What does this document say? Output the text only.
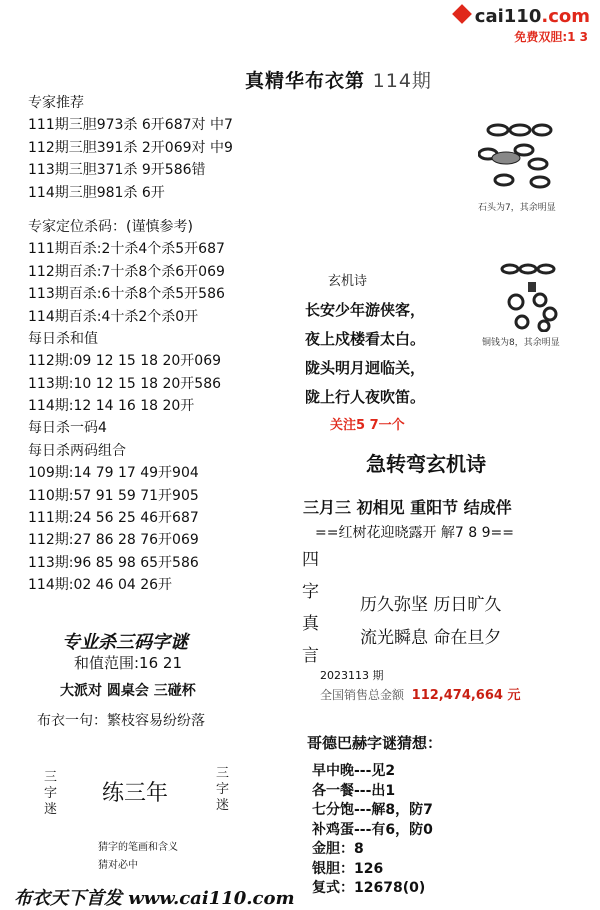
cai110.com
免费双胆:1 3
真精华布衣第 114期
专家推荐
111期三胆973杀 6开687对 中7
112期三胆391杀 2开069对 中9
113期三胆371杀 9开586错
114期三胆981杀 6开
专家定位杀码：(谨慎参考)
111期百杀:2十杀4个杀5开687
112期百杀:7十杀8个杀6开069
113期百杀:6十杀8个杀5开586
114期百杀:4十杀2个杀0开
每日杀和值
112期:09 12 15 18 20开069
113期:10 12 15 18 20开586
114期:12 14 16 18 20开
每日杀一码4
每日杀两码组合
109期:14 79 17 49开904
110期:57 91 59 71开905
111期:24 56 25 46开687
112期:27 86 28 76开069
113期:96 85 98 65开586
114期:02 46 04 26开
专业杀三码字谜
和值范围:16 21
大派对 圆桌会 三碰杯
布衣一句：繁枝容易纷纷落
三字迷
练三年
三字迷
猜字的笔画和含义
猜对必中
石头为7，其余明显
铜钱为8，其余明显
玄机诗
长安少年游侠客，
夜上戍楼看太白。
陇头明月迥临关，
陇上行人夜吹笛。
关注5 7一个
急转弯玄机诗
三月三 初相见 重阳节 结成伴
==红树花迎晓露开 解7 8 9==
四字真言
历久弥坚 历日旷久
流光瞬息 命在旦夕
2023113 期
全国销售总金额 112,474,664 元
哥德巴赫字谜猜想：
早中晚---见2
各一餐---出1
七分饱---解8，防7
补鸡蛋---有6，防0
金胆：8
银胆：126
复式：12678(0)
布衣天下首发 www.cai110.com
